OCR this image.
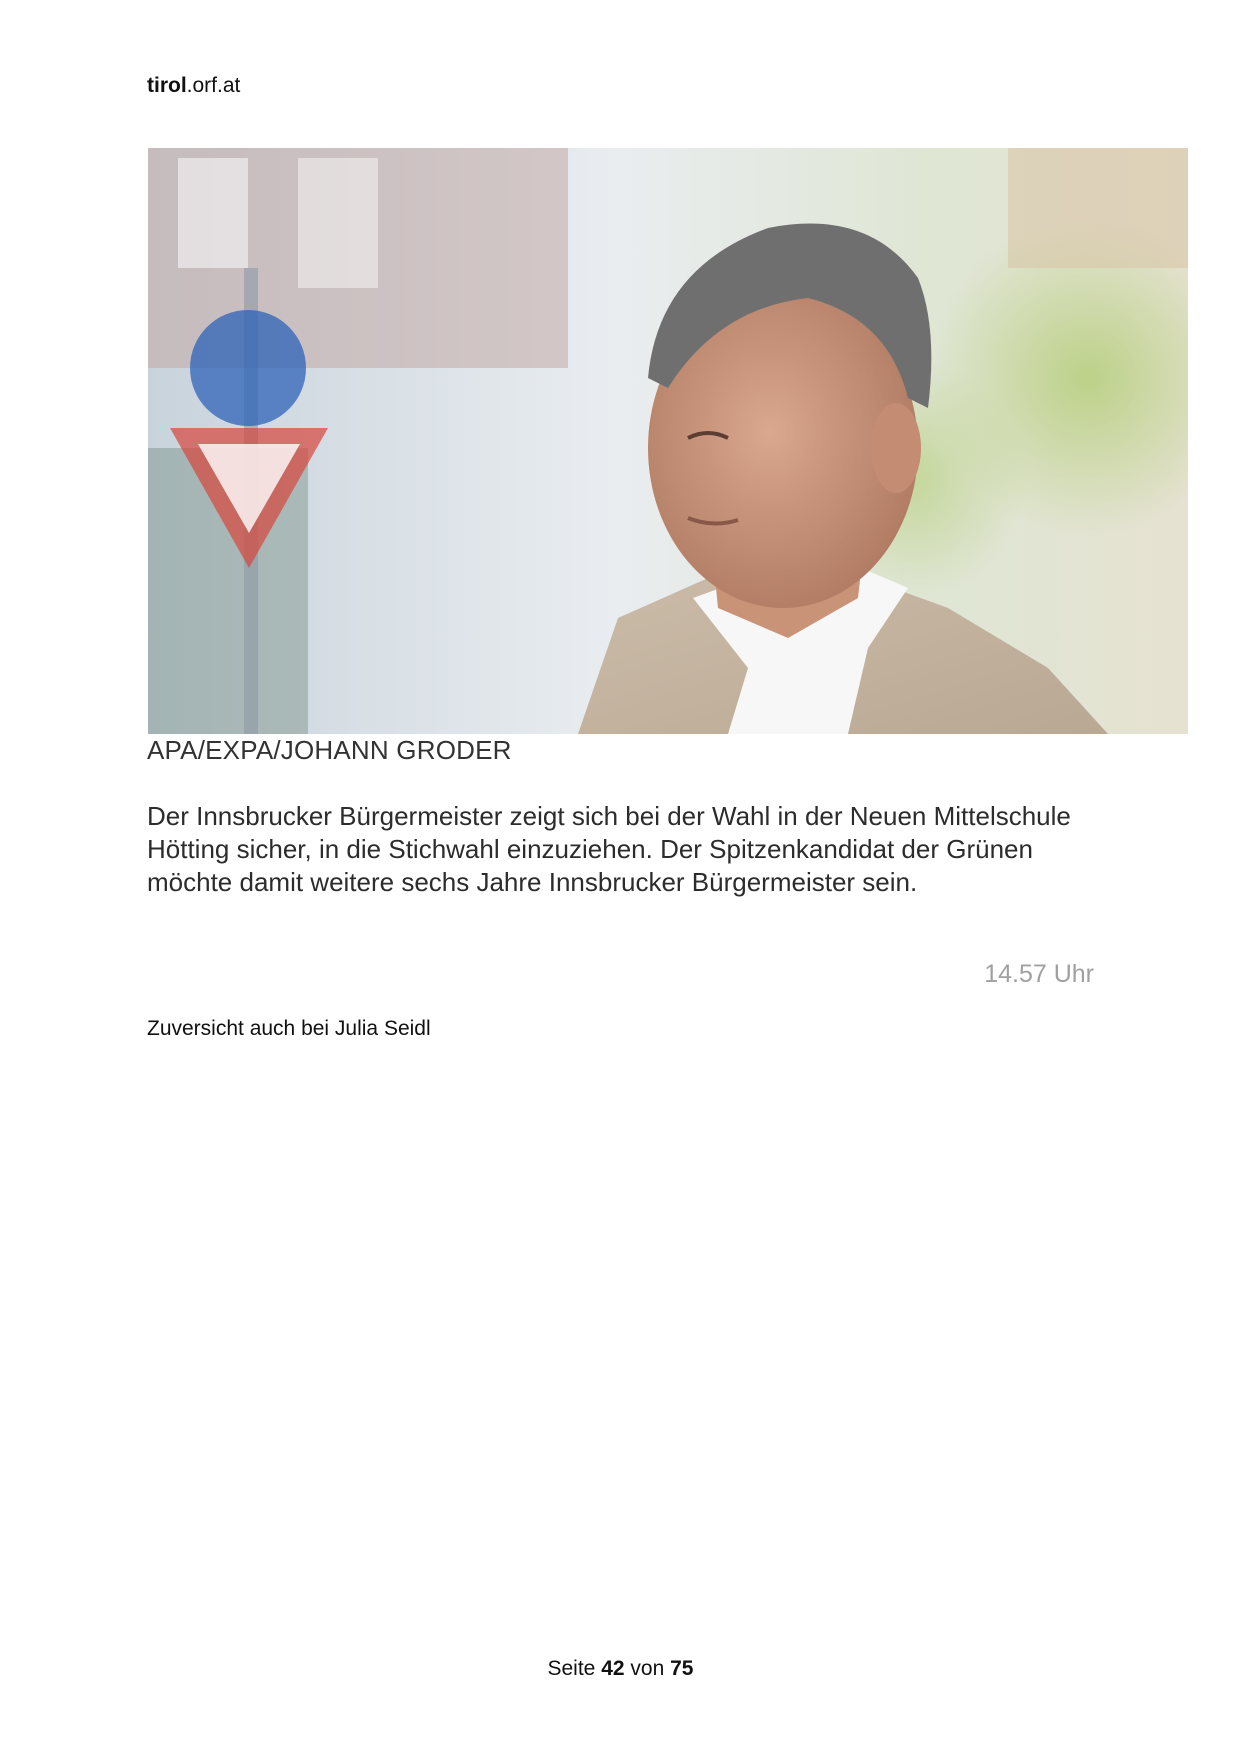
tirol.orf.at
APA/EXPA/JOHANN GRODER

Der Innsbrucker Bürgermeister zeigt sich bei der Wahl in der Neuen Mittelschule Hötting sicher, in die Stichwahl einzuziehen. Der Spitzenkandidat der Grünen möchte damit weitere sechs Jahre Innsbrucker Bürgermeister sein.

14.57 Uhr
Zuversicht auch bei Julia Seidl
Seite 42 von 75
